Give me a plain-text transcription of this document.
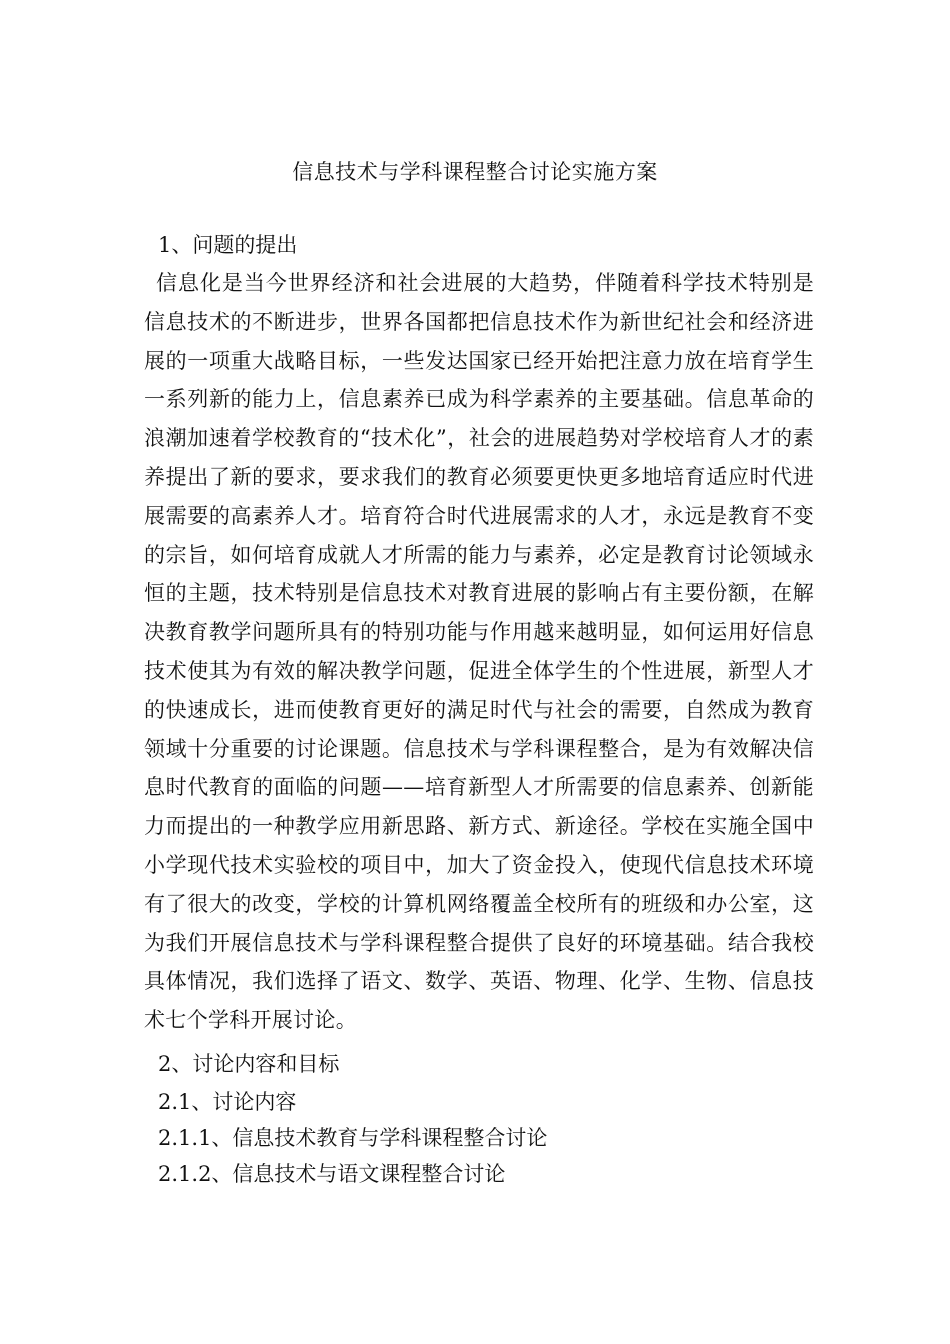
信息技术与学科课程整合讨论实施方案
1、问题的提出
信息化是当今世界经济和社会进展的大趋势，伴随着科学技术特别是信息技术的不断进步，世界各国都把信息技术作为新世纪社会和经济进展的一项重大战略目标，一些发达国家已经开始把注意力放在培育学生一系列新的能力上，信息素养已成为科学素养的主要基础。信息革命的浪潮加速着学校教育的“技术化”，社会的进展趋势对学校培育人才的素养提出了新的要求，要求我们的教育必须要更快更多地培育适应时代进展需要的高素养人才。培育符合时代进展需求的人才，永远是教育不变的宗旨，如何培育成就人才所需的能力与素养，必定是教育讨论领域永恒的主题，技术特别是信息技术对教育进展的影响占有主要份额，在解决教育教学问题所具有的特别功能与作用越来越明显，如何运用好信息技术使其为有效的解决教学问题，促进全体学生的个性进展，新型人才的快速成长，进而使教育更好的满足时代与社会的需要，自然成为教育领域十分重要的讨论课题。信息技术与学科课程整合，是为有效解决信息时代教育的面临的问题——培育新型人才所需要的信息素养、创新能力而提出的一种教学应用新思路、新方式、新途径。学校在实施全国中小学现代技术实验校的项目中，加大了资金投入，使现代信息技术环境有了很大的改变，学校的计算机网络覆盖全校所有的班级和办公室，这为我们开展信息技术与学科课程整合提供了良好的环境基础。结合我校具体情况，我们选择了语文、数学、英语、物理、化学、生物、信息技术七个学科开展讨论。
2、讨论内容和目标
2.1、讨论内容
2.1.1、信息技术教育与学科课程整合讨论
2.1.2、信息技术与语文课程整合讨论
